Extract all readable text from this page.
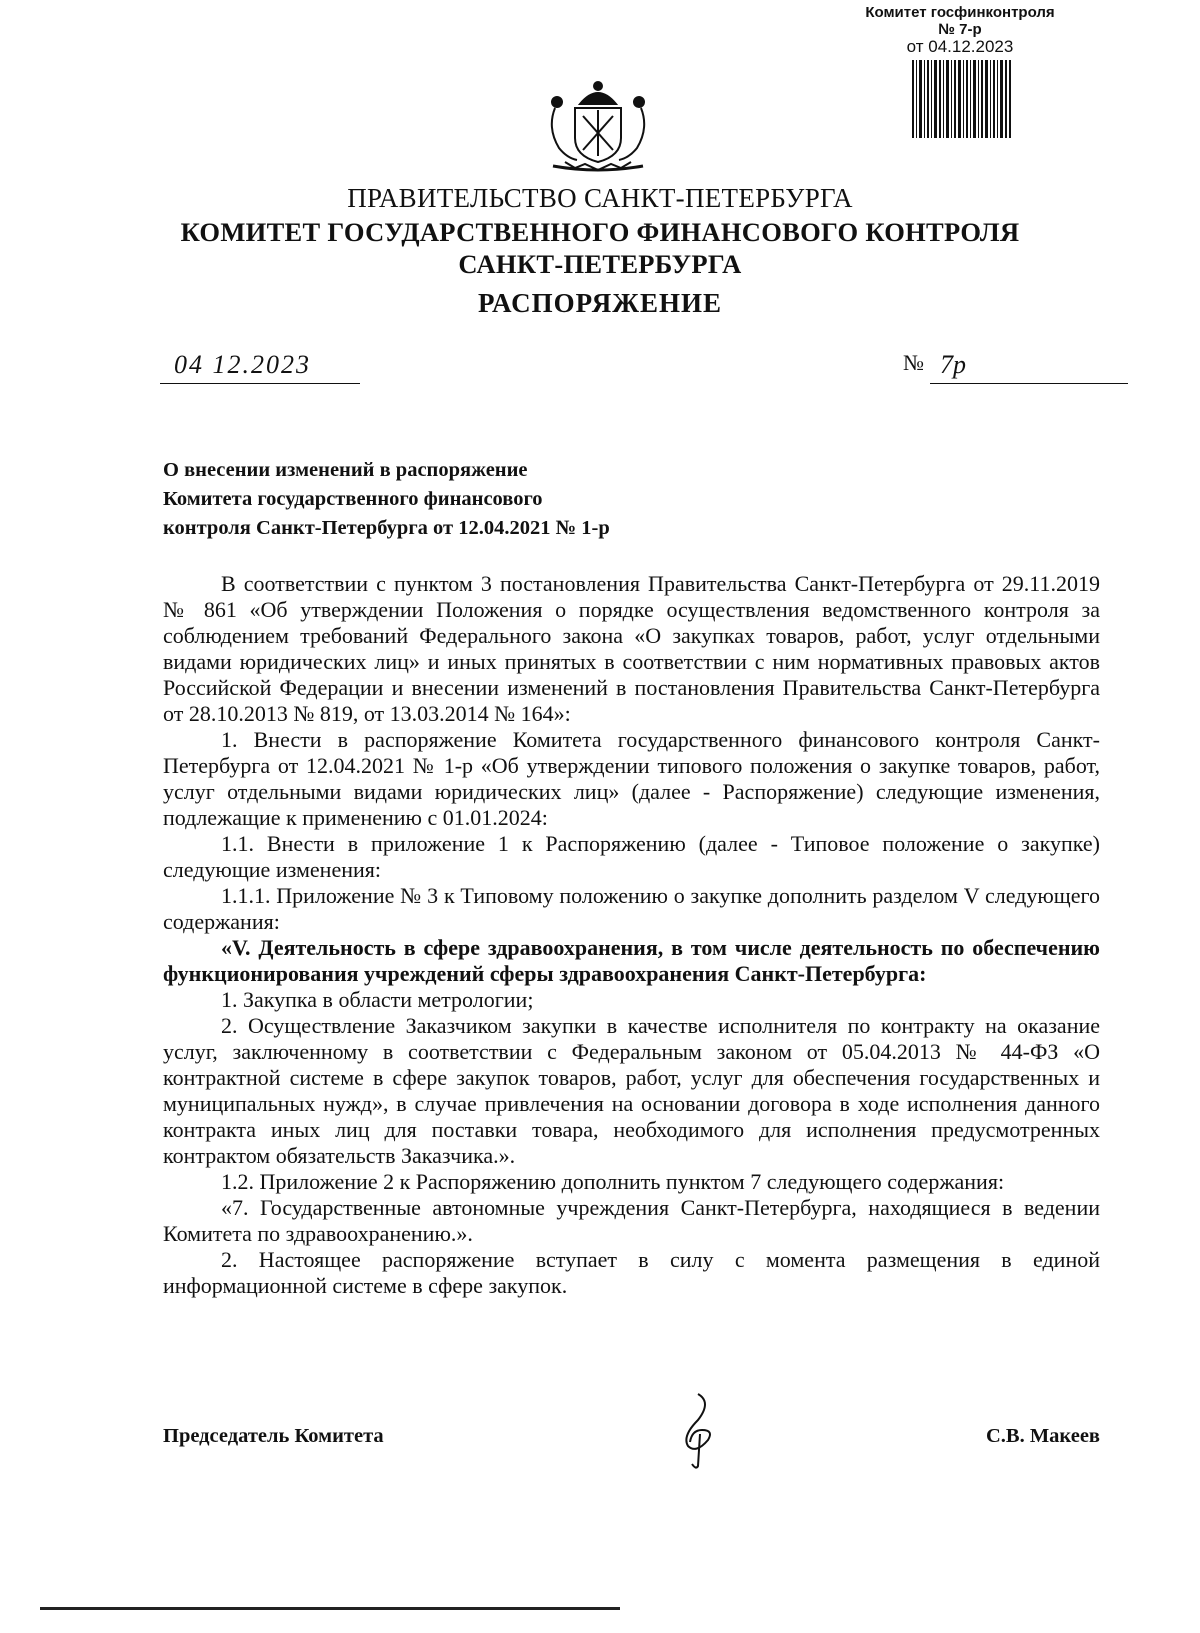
Комитет госфинконтроля
№ 7-р
от 04.12.2023
ПРАВИТЕЛЬСТВО САНКТ-ПЕТЕРБУРГА
КОМИТЕТ ГОСУДАРСТВЕННОГО ФИНАНСОВОГО КОНТРОЛЯ
САНКТ-ПЕТЕРБУРГА
РАСПОРЯЖЕНИЕ
04 12.2023	№ 7р

О внесении изменений в распоряжение

Комитета государственного финансового

контроля Санкт-Петербурга от 12.04.2021 № 1-р

В соответствии с пунктом 3 постановления Правительства Санкт-Петербурга от 29.11.2019 № 861 «Об утверждении Положения о порядке осуществления ведомственного контроля за соблюдением требований Федерального закона «О закупках товаров, работ, услуг отдельными видами юридических лиц» и иных принятых в соответствии с ним нормативных правовых актов Российской Федерации и внесении изменений в постановления Правительства Санкт-Петербурга от 28.10.2013 № 819, от 13.03.2014 № 164»:

1. Внести в распоряжение Комитета государственного финансового контроля Санкт-Петербурга от 12.04.2021 № 1-р «Об утверждении типового положения о закупке товаров, работ, услуг отдельными видами юридических лиц» (далее - Распоряжение) следующие изменения, подлежащие к применению с 01.01.2024:

1.1. Внести в приложение 1 к Распоряжению (далее - Типовое положение о закупке) следующие изменения:

1.1.1. Приложение № 3 к Типовому положению о закупке дополнить разделом V следующего содержания:

«V. Деятельность в сфере здравоохранения, в том числе деятельность по обеспечению функционирования учреждений сферы здравоохранения Санкт-Петербурга:

1. Закупка в области метрологии;

2. Осуществление Заказчиком закупки в качестве исполнителя по контракту на оказание услуг, заключенному в соответствии с Федеральным законом от 05.04.2013 № 44-ФЗ «О контрактной системе в сфере закупок товаров, работ, услуг для обеспечения государственных и муниципальных нужд», в случае привлечения на основании договора в ходе исполнения данного контракта иных лиц для поставки товара, необходимого для исполнения предусмотренных контрактом обязательств Заказчика.».

1.2. Приложение 2 к Распоряжению дополнить пунктом 7 следующего содержания:

«7. Государственные автономные учреждения Санкт-Петербурга, находящиеся в ведении Комитета по здравоохранению.».

2. Настоящее распоряжение вступает в силу с момента размещения в единой информационной системе в сфере закупок.

Председатель Комитета	С.В. Макеев
